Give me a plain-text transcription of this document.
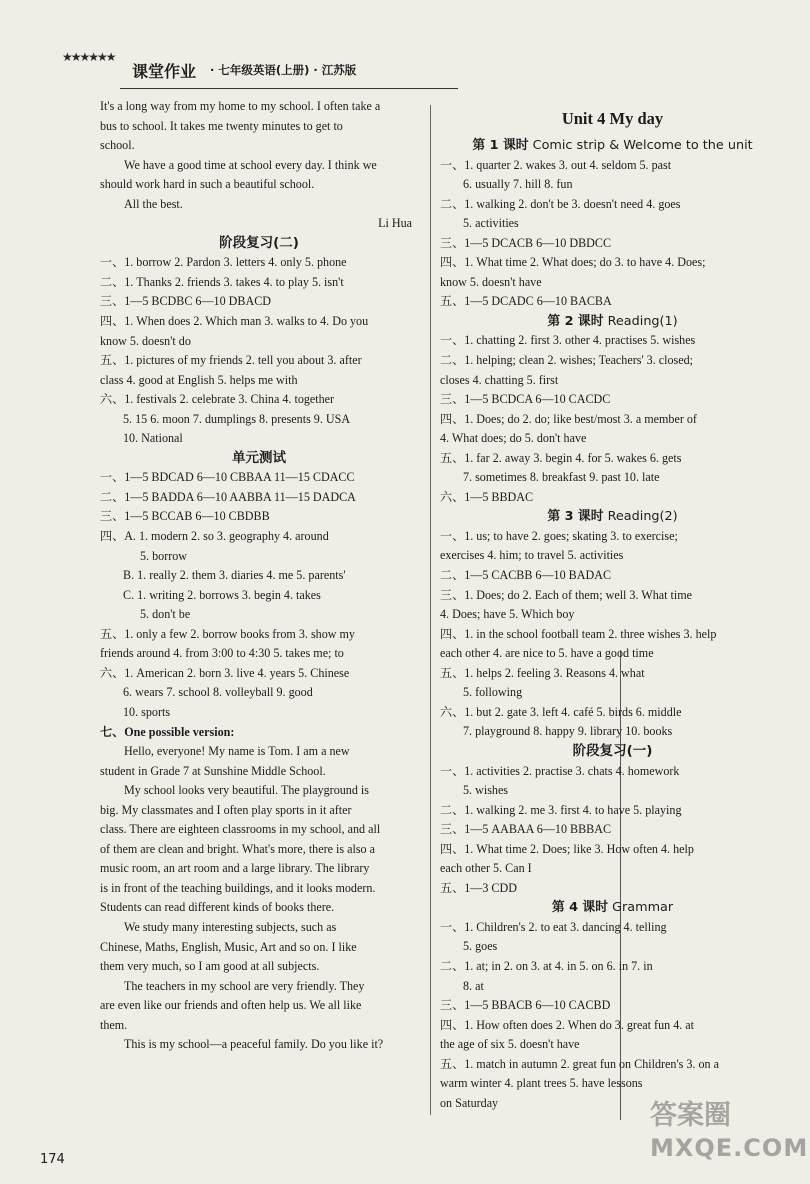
★★★★★★
课堂作业 · 七年级英语(上册) · 江苏版
It's a long way from my home to my school. I often take a
bus to school. It takes me twenty minutes to get to
school.
We have a good time at school every day. I think we
should work hard in such a beautiful school.
All the best.
Li Hua
阶段复习(二)
一、1. borrow 2. Pardon 3. letters 4. only 5. phone
二、1. Thanks 2. friends 3. takes 4. to play 5. isn't
三、1—5 BCDBC 6—10 DBACD
四、1. When does 2. Which man 3. walks to 4. Do you
know 5. doesn't do
五、1. pictures of my friends 2. tell you about 3. after
class 4. good at English 5. helps me with
六、1. festivals 2. celebrate 3. China 4. together
5. 15 6. moon 7. dumplings 8. presents 9. USA
10. National
单元测试
一、1—5 BDCAD 6—10 CBBAA 11—15 CDACC
二、1—5 BADDA 6—10 AABBA 11—15 DADCA
三、1—5 BCCAB 6—10 CBDBB
四、A. 1. modern 2. so 3. geography 4. around
5. borrow
B. 1. really 2. them 3. diaries 4. me 5. parents'
C. 1. writing 2. borrows 3. begin 4. takes
5. don't be
五、1. only a few 2. borrow books from 3. show my
friends around 4. from 3:00 to 4:30 5. takes me; to
六、1. American 2. born 3. live 4. years 5. Chinese
6. wears 7. school 8. volleyball 9. good
10. sports
七、One possible version:
Hello, everyone! My name is Tom. I am a new
student in Grade 7 at Sunshine Middle School.
My school looks very beautiful. The playground is
big. My classmates and I often play sports in it after
class. There are eighteen classrooms in my school, and all
of them are clean and bright. What's more, there is also a
music room, an art room and a large library. The library
is in front of the teaching buildings, and it looks modern.
Students can read different kinds of books there.
We study many interesting subjects, such as
Chinese, Maths, English, Music, Art and so on. I like
them very much, so I am good at all subjects.
The teachers in my school are very friendly. They
are even like our friends and often help us. We all like
them.
This is my school—a peaceful family. Do you like it?
Unit 4 My day
第 1 课时 Comic strip & Welcome to the unit
一、1. quarter 2. wakes 3. out 4. seldom 5. past
6. usually 7. hill 8. fun
二、1. walking 2. don't be 3. doesn't need 4. goes
5. activities
三、1—5 DCACB 6—10 DBDCC
四、1. What time 2. What does; do 3. to have 4. Does;
know 5. doesn't have
五、1—5 DCADC 6—10 BACBA
第 2 课时 Reading(1)
一、1. chatting 2. first 3. other 4. practises 5. wishes
二、1. helping; clean 2. wishes; Teachers' 3. closed;
closes 4. chatting 5. first
三、1—5 BCDCA 6—10 CACDC
四、1. Does; do 2. do; like best/most 3. a member of
4. What does; do 5. don't have
五、1. far 2. away 3. begin 4. for 5. wakes 6. gets
7. sometimes 8. breakfast 9. past 10. late
六、1—5 BBDAC
第 3 课时 Reading(2)
一、1. us; to have 2. goes; skating 3. to exercise;
exercises 4. him; to travel 5. activities
二、1—5 CACBB 6—10 BADAC
三、1. Does; do 2. Each of them; well 3. What time
4. Does; have 5. Which boy
四、1. in the school football team 2. three wishes 3. help
each other 4. are nice to 5. have a good time
五、1. helps 2. feeling 3. Reasons 4. what
5. following
六、1. but 2. gate 3. left 4. café 5. birds 6. middle
7. playground 8. happy 9. library 10. books
阶段复习(一)
一、1. activities 2. practise 3. chats 4. homework
5. wishes
二、1. walking 2. me 3. first 4. to have 5. playing
三、1—5 AABAA 6—10 BBBAC
四、1. What time 2. Does; like 3. How often 4. help
each other 5. Can I
五、1—3 CDD
第 4 课时 Grammar
一、1. Children's 2. to eat 3. dancing 4. telling
5. goes
二、1. at; in 2. on 3. at 4. in 5. on 6. in 7. in
8. at
三、1—5 BBACB 6—10 CACBD
四、1. How often does 2. When do 3. great fun 4. at
the age of six 5. doesn't have
五、1. match in autumn 2. great fun on Children's 3. on a
warm winter 4. plant trees 5. have lessons
on Saturday
174
答案圈
MXQE.COM
